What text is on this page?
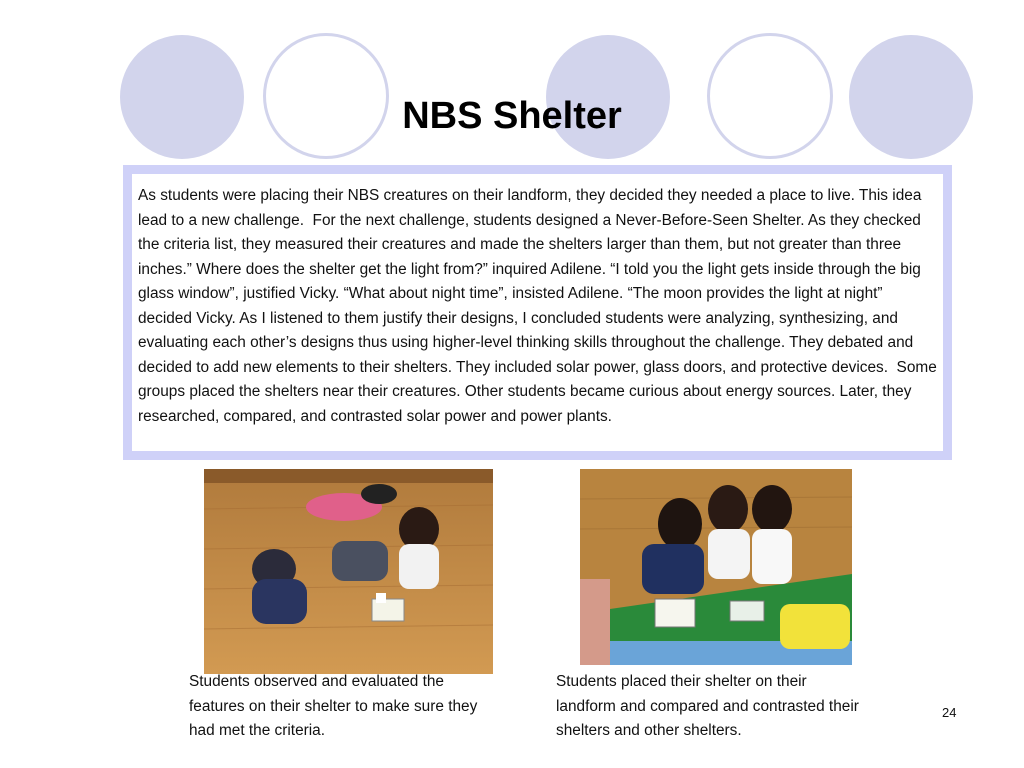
NBS Shelter

As students were placing their NBS creatures on their landform, they decided they needed a place to live. This idea lead to a new challenge.  For the next challenge, students designed a Never-Before-Seen Shelter. As they checked the criteria list, they measured their creatures and made the shelters larger than them, but not greater than three inches.” Where does the shelter get the light from?” inquired Adilene. “I told you the light gets inside through the big glass window”, justified Vicky. “What about night time”, insisted Adilene. “The moon provides the light at night” decided Vicky. As I listened to them justify their designs, I concluded students were analyzing, synthesizing, and evaluating each other’s designs thus using higher-level thinking skills throughout the challenge. They debated and decided to add new elements to their shelters. They included solar power, glass doors, and protective devices.  Some groups placed the shelters near their creatures. Other students became curious about energy sources. Later, they researched, compared, and contrasted solar power and power plants.

Students observed and evaluated the features on their shelter to make sure they had met the criteria.

Students placed their shelter on their landform and compared and contrasted their shelters and other shelters.

24
